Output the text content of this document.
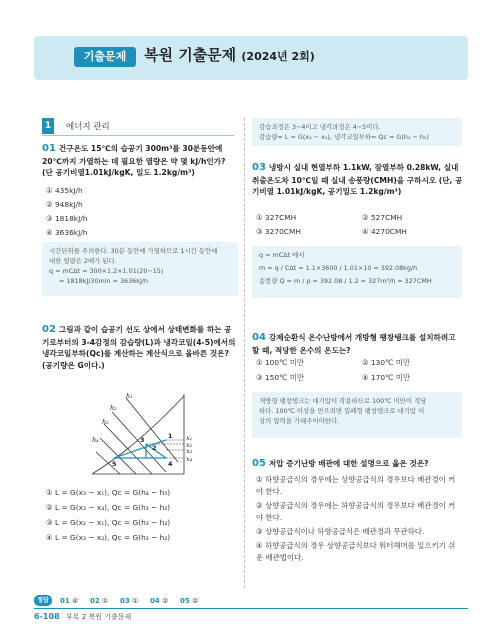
기출문제	복원 기출문제 (2024년 2회)
1	에너지 관리
01 건구온도 15℃의 습공기 300m³를 30분동안에 20℃까지 가열하는 데 필요한 열량은 약 몇 kJ/h인가? (단 공기비열1.01kJ/kgK, 밀도 1.2kg/m³)
① 435kJ/h
② 948kJ/h
③ 1818kJ/h
④ 3636kJ/h
시간단위를 주의한다. 30분 동안에 가열하므로 1시간 동안에
대한 열량은 2배가 된다.
q = mCΔt = 300×1.2×1.01(20−15)
= 1818kJ/30min = 3636kJ/h
02 그림과 같이 습공기 선도 상에서 상태변화를 하는 공기로부터의 3-4감정의 감습량(L)과 냉각코일(4-5)에서의 냉각코일부하(Qc)를 계산하는 계산식으로 올바른 것은? (공기량은 G이다.)
h₁
h₂
h₃
h₄	x₁
x₂
x₃
x₄
1
3
2
4
5
① L = G(x₃ − x₁), Qc = G(h₄ − h₅)
② L = G(x₃ − x₄), Qc = G(h₃ − h₂)
③ L = G(x₂ − x₁), Qc = G(h₃ − h₂)
④ L = G(x₃ − x₂), Qc = G(h₃ − h₂)
감습과정은 3−4이고 냉각과정은 4−5이다.
감습량= L = G(x₃ − x₁), 냉각코일부하= Qc = G(h₁ − h₅)
03 냉방시 실내 현열부하 1.1kW, 잠열부하 0.28kW, 실내 취출온도차 10℃일 때 실내 송풍량(CMH)을 구하시오 (단, 공기비열 1.01kJ/kgK, 공기밀도 1.2kg/m³)
① 327CMH	② 527CMH
③ 3270CMH	④ 4270CMH
q = mCΔt 에서
m = q / CΔt = 1.1×3600 / 1.01×10 = 392.08kg/h
송풍량 Q = m / ρ = 392.08 / 1.2 = 327m³/h = 327CMH
04 강제순환식 온수난방에서 개방형 팽창탱크를 설치하려고 할 때, 적당한 온수의 온도는?
① 100℃ 미만	② 130℃ 미만
③ 150℃ 미만	④ 170℃ 미만
개방형 팽창탱크는 대기압이 작용하므로 100℃ 미만이 적당
하다. 100℃ 이상을 만으려면 밀폐형 팽창탱크로 대기압 이
상의 압력을 가해주어야한다.
05 저압 증기난방 배관에 대한 설명으로 옳은 것은?
① 하향공급식의 경우에는 상향공급식의 경우보다 배관경이 커야 한다.
② 상향공급식의 경우에는 하향공급식의 경우보다 배관경이 커야 한다.
③ 상향공급식이나 하향공급식은 배관경과 무관하다.
④ 하향공급식의 경우 상향공급식보다 워터해머를 일으키기 쉬운 배관법이다.
정답	01 ④ 02 ① 03 ① 04 ① 05 ②
6-108 부록 2 복원 기출문제
